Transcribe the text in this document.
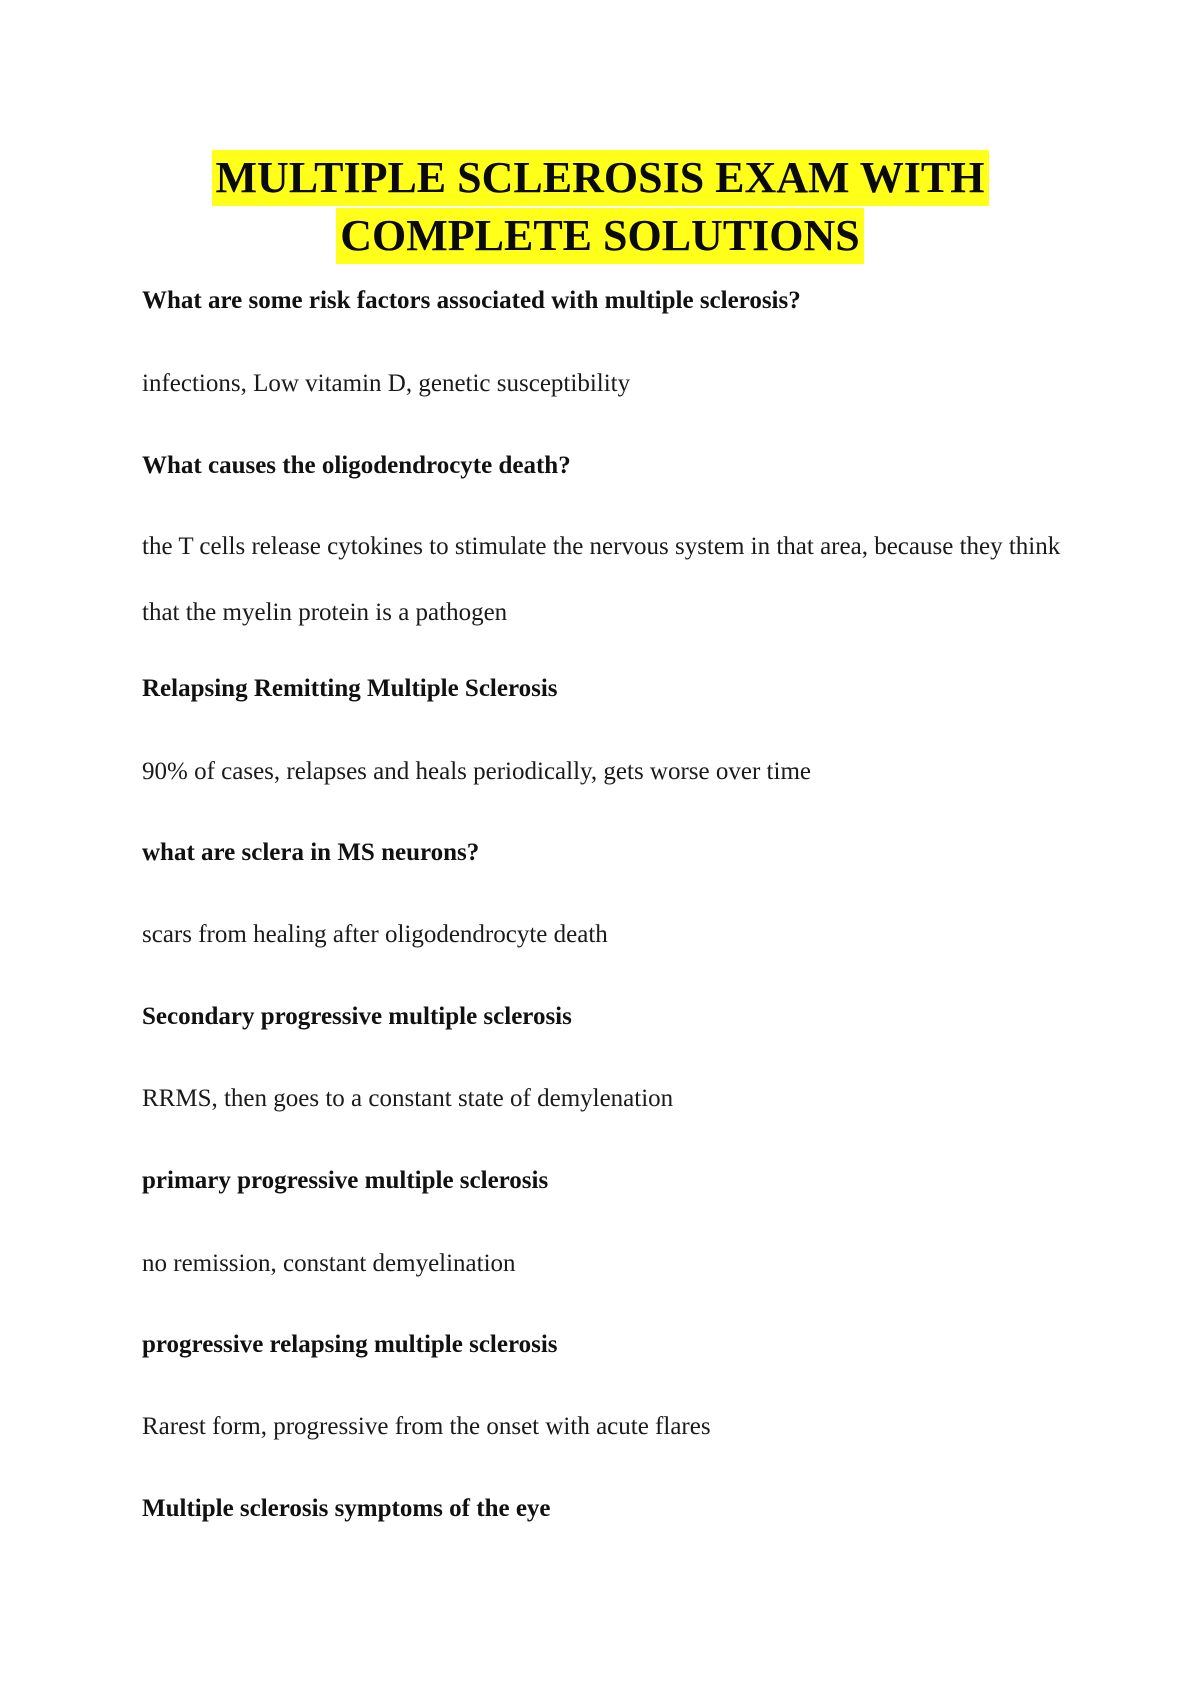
MULTIPLE SCLEROSIS EXAM WITH
COMPLETE SOLUTIONS

What are some risk factors associated with multiple sclerosis?

infections, Low vitamin D, genetic susceptibility

What causes the oligodendrocyte death?

the T cells release cytokines to stimulate the nervous system in that area, because they think that the myelin protein is a pathogen

Relapsing Remitting Multiple Sclerosis

90% of cases, relapses and heals periodically, gets worse over time

what are sclera in MS neurons?

scars from healing after oligodendrocyte death

Secondary progressive multiple sclerosis

RRMS, then goes to a constant state of demylenation

primary progressive multiple sclerosis

no remission, constant demyelination

progressive relapsing multiple sclerosis

Rarest form, progressive from the onset with acute flares

Multiple sclerosis symptoms of the eye
